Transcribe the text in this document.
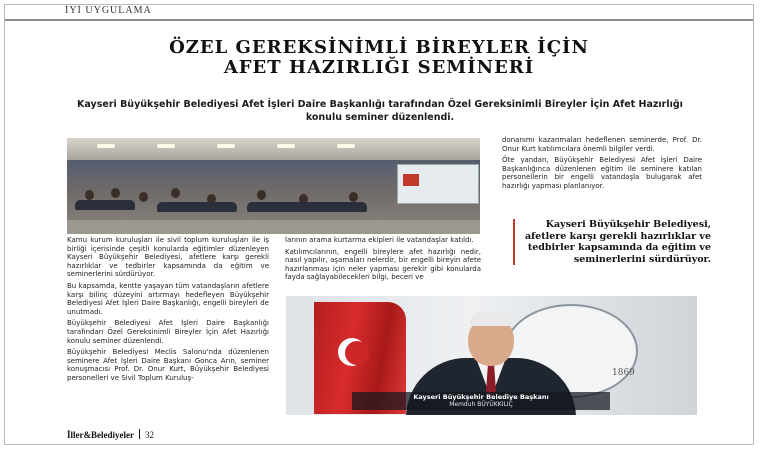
İYİ UYGULAMA
ÖZEL GEREKSİNİMLİ BİREYLER İÇİN
AFET HAZIRLIĞI SEMİNERİ
Kayseri Büyükşehir Belediyesi Afet İşleri Daire Başkanlığı tarafından Özel Gereksinimli Bireyler İçin Afet Hazırlığı konulu seminer düzenlendi.

Kamu kurum kuruluşları ile sivil toplum kuruluşları ile iş birliği içerisinde çeşitli konularda eğitimler düzenleyen Kayseri Büyükşehir Belediyesi, afetlere karşı gerekli hazırlıklar ve tedbirler kapsamında da eğitim ve seminerlerini sürdürüyor.

Bu kapsamda, kentte yaşayan tüm vatandaşların afetlere karşı bilinç düzeyini artırmayı hedefleyen Büyükşehir Belediyesi Afet İşleri Daire Başkanlığı, engelli bireyleri de unutmadı.

Büyükşehir Belediyesi Afet İşleri Daire Başkanlığı tarafından Özel Gereksinimli Bireyler İçin Afet Hazırlığı konulu seminer düzenlendi.

Büyükşehir Belediyesi Meclis Salonu'nda düzenlenen seminere Afet İşleri Daire Başkanı Gonca Arın, seminer konuşmacısı Prof. Dr. Onur Kurt, Büyükşehir Belediyesi personelleri ve Sivil Toplum Kuruluş-

larının arama kurtarma ekipleri ile vatandaşlar katıldı.

Katılımcılarının, engelli bireylere afet hazırlığı nedir, nasıl yapılır, aşamaları nelerdir, bir engelli bireyin afete hazırlanması için neler yapması gerekir gibi konularda fayda sağlayabilecekleri bilgi, beceri ve

donanımı kazanmaları hedeflenen seminerde, Prof. Dr. Onur Kurt katılımcılara önemli bilgiler verdi.

Öte yandan, Büyükşehir Belediyesi Afet İşleri Daire Başkanlığınca düzenlenen eğitim ile seminere katılan personellerin bir engelli vatandaşla bulugarak afet hazırlığı yapması planlanıyor.

Kayseri Büyükşehir Belediyesi, afetlere karşı gerekli hazırlıklar ve tedbirler kapsamında da eğitim ve seminerlerini sürdürüyor.
1869
Kayseri Büyükşehir Belediye Başkanı
Memduh BÜYÜKKILIÇ
İller&Belediyeler 32
